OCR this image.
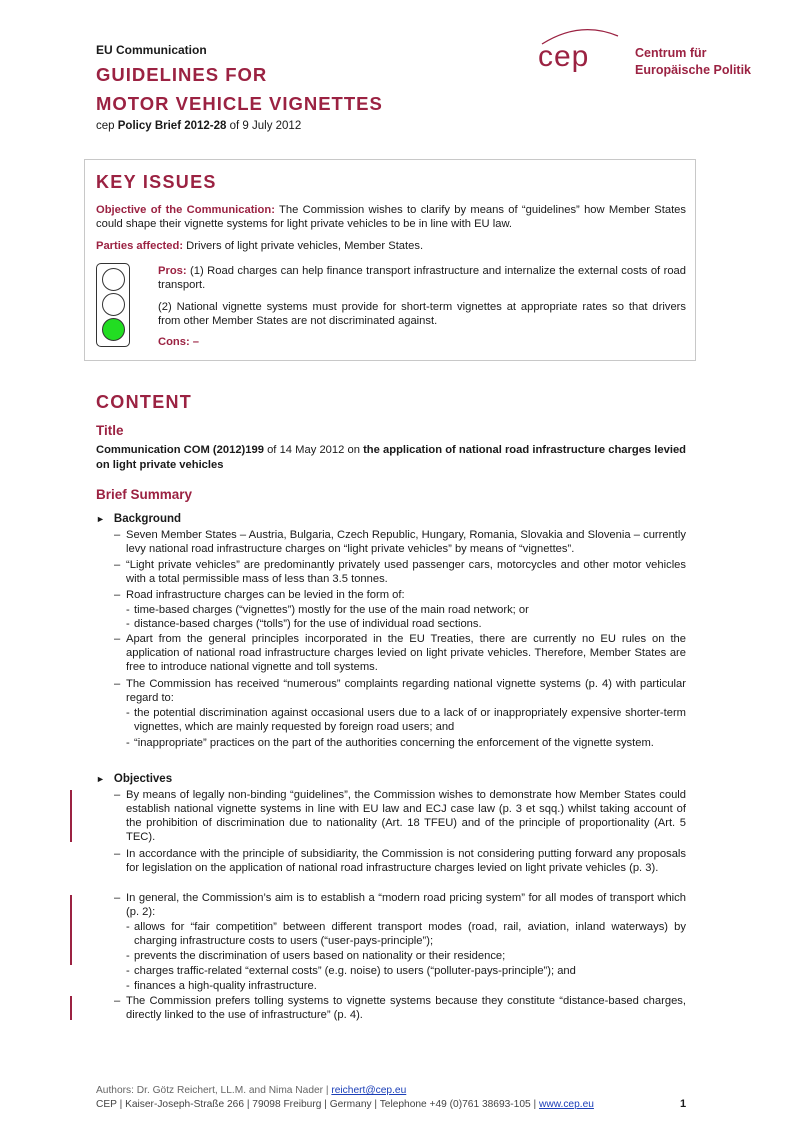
EU Communication
GUIDELINES FOR
MOTOR VEHICLE VIGNETTES
cep Policy Brief 2012-28 of 9 July 2012
cep	Centrum für
Europäische Politik
KEY ISSUES
Objective of the Communication: The Commission wishes to clarify by means of “guidelines” how Member States could shape their vignette systems for light private vehicles to be in line with EU law.
Parties affected: Drivers of light private vehicles, Member States.
Pros: (1) Road charges can help finance transport infrastructure and internalize the external costs of road transport.
(2) National vignette systems must provide for short-term vignettes at appropriate rates so that drivers from other Member States are not discriminated against.
Cons: –
CONTENT
Title
Communication COM (2012)199 of 14 May 2012 on the application of national road infrastructure charges levied on light private vehicles
Brief Summary
► Background
– Seven Member States – Austria, Bulgaria, Czech Republic, Hungary, Romania, Slovakia and Slovenia – currently levy national road infrastructure charges on “light private vehicles” by means of “vignettes”.
– “Light private vehicles” are predominantly privately used passenger cars, motorcycles and other motor vehicles with a total permissible mass of less than 3.5 tonnes.
– Road infrastructure charges can be levied in the form of:
- time-based charges (“vignettes”) mostly for the use of the main road network; or
- distance-based charges (“tolls”) for the use of individual road sections.
– Apart from the general principles incorporated in the EU Treaties, there are currently no EU rules on the application of national road infrastructure charges levied on light private vehicles. Therefore, Member States are free to introduce national vignette and toll systems.
– The Commission has received “numerous” complaints regarding national vignette systems (p. 4) with particular regard to:
- the potential discrimination against occasional users due to a lack of or inappropriately expensive shorter-term vignettes, which are mainly requested by foreign road users; and
- “inappropriate” practices on the part of the authorities concerning the enforcement of the vignette system.
► Objectives
– By means of legally non-binding “guidelines”, the Commission wishes to demonstrate how Member States could establish national vignette systems in line with EU law and ECJ case law (p. 3 et sqq.) whilst taking account of the prohibition of discrimination due to nationality (Art. 18 TFEU) and of the principle of proportionality (Art. 5 TEC).
– In accordance with the principle of subsidiarity, the Commission is not considering putting forward any proposals for legislation on the application of national road infrastructure charges levied on light private vehicles (p. 3).
– In general, the Commission’s aim is to establish a “modern road pricing system” for all modes of transport which (p. 2):
- allows for “fair competition” between different transport modes (road, rail, aviation, inland waterways) by charging infrastructure costs to users (“user-pays-principle”);
- prevents the discrimination of users based on nationality or their residence;
- charges traffic-related “external costs” (e.g. noise) to users (“polluter-pays-principle”); and
- finances a high-quality infrastructure.
– The Commission prefers tolling systems to vignette systems because they constitute “distance-based charges, directly linked to the use of infrastructure” (p. 4).
Authors: Dr. Götz Reichert, LL.M. and Nima Nader | reichert@cep.eu
CEP | Kaiser-Joseph-Straße 266 | 79098 Freiburg | Germany | Telephone +49 (0)761 38693-105 | www.cep.eu	1
